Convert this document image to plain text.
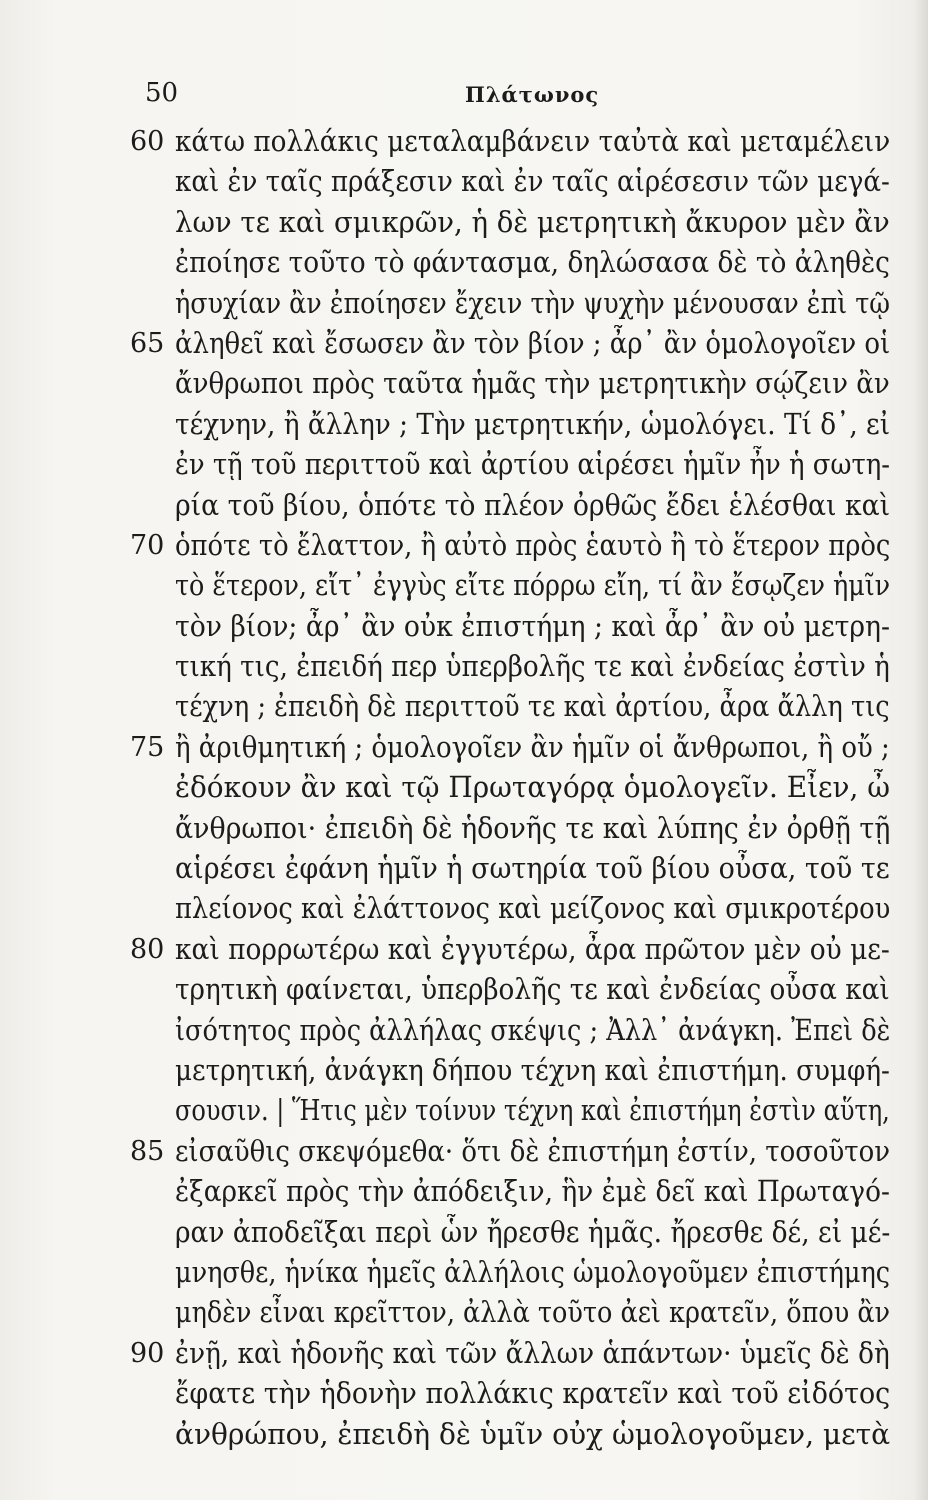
50	Πλάτωνος
60 κάτω πολλάκις μεταλαμβάνειν ταὐτὰ καὶ μεταμέλειν
καὶ ἐν ταῖς πράξεσιν καὶ ἐν ταῖς αἱρέσεσιν τῶν μεγά-
λων τε καὶ σμικρῶν, ἡ δὲ μετρητικὴ ἄκυρον μὲν ἂν
ἐποίησε τοῦτο τὸ φάντασμα, δηλώσασα δὲ τὸ ἀληθὲς
ἡσυχίαν ἂν ἐποίησεν ἔχειν τὴν ψυχὴν μένουσαν ἐπὶ τῷ
65 ἀληθεῖ καὶ ἔσωσεν ἂν τὸν βίον ; ἆρ᾽ ἂν ὁμολογοῖεν οἱ
ἄνθρωποι πρὸς ταῦτα ἡμᾶς τὴν μετρητικὴν σῴζειν ἂν
τέχνην, ἢ ἄλλην ; Τὴν μετρητικήν, ὡμολόγει. Τί δ᾽, εἰ
ἐν τῇ τοῦ περιττοῦ καὶ ἀρτίου αἱρέσει ἡμῖν ἦν ἡ σωτη-
ρία τοῦ βίου, ὁπότε τὸ πλέον ὀρθῶς ἔδει ἑλέσθαι καὶ
70 ὁπότε τὸ ἔλαττον, ἢ αὐτὸ πρὸς ἑαυτὸ ἢ τὸ ἕτερον πρὸς
τὸ ἕτερον, εἴτ᾽ ἐγγὺς εἴτε πόρρω εἴη, τί ἂν ἔσῳζεν ἡμῖν
τὸν βίον; ἆρ᾽ ἂν οὐκ ἐπιστήμη ; καὶ ἆρ᾽ ἂν οὐ μετρη-
τική τις, ἐπειδή περ ὑπερβολῆς τε καὶ ἐνδείας ἐστὶν ἡ
τέχνη ; ἐπειδὴ δὲ περιττοῦ τε καὶ ἀρτίου, ἆρα ἄλλη τις
75 ἢ ἀριθμητική ; ὁμολογοῖεν ἂν ἡμῖν οἱ ἄνθρωποι, ἢ οὔ ;
ἐδόκουν ἂν καὶ τῷ Πρωταγόρᾳ ὁμολογεῖν. Εἶεν, ὦ
ἄνθρωποι· ἐπειδὴ δὲ ἡδονῆς τε καὶ λύπης ἐν ὀρθῇ τῇ
αἱρέσει ἐφάνη ἡμῖν ἡ σωτηρία τοῦ βίου οὖσα, τοῦ τε
πλείονος καὶ ἐλάττονος καὶ μείζονος καὶ σμικροτέρου
80 καὶ πορρωτέρω καὶ ἐγγυτέρω, ἆρα πρῶτον μὲν οὐ με-
τρητικὴ φαίνεται, ὑπερβολῆς τε καὶ ἐνδείας οὖσα καὶ
ἰσότητος πρὸς ἀλλήλας σκέψις ; Ἀλλ᾽ ἀνάγκη. Ἐπεὶ δὲ
μετρητική, ἀνάγκη δήπου τέχνη καὶ ἐπιστήμη. συμφή-
σουσιν. | Ἥτις μὲν τοίνυν τέχνη καὶ ἐπιστήμη ἐστὶν αὕτη,
85 εἰσαῦθις σκεψόμεθα· ὅτι δὲ ἐπιστήμη ἐστίν, τοσοῦτον
ἐξαρκεῖ πρὸς τὴν ἀπόδειξιν, ἣν ἐμὲ δεῖ καὶ Πρωταγό-
ραν ἀποδεῖξαι περὶ ὧν ἤρεσθε ἡμᾶς. ἤρεσθε δέ, εἰ μέ-
μνησθε, ἡνίκα ἡμεῖς ἀλλήλοις ὡμολογοῦμεν ἐπιστήμης
μηδὲν εἶναι κρεῖττον, ἀλλὰ τοῦτο ἀεὶ κρατεῖν, ὅπου ἂν
90 ἐνῇ, καὶ ἡδονῆς καὶ τῶν ἄλλων ἁπάντων· ὑμεῖς δὲ δὴ
ἔφατε τὴν ἡδονὴν πολλάκις κρατεῖν καὶ τοῦ εἰδότος
ἀνθρώπου, ἐπειδὴ δὲ ὑμῖν οὐχ ὡμολογοῦμεν, μετὰ
